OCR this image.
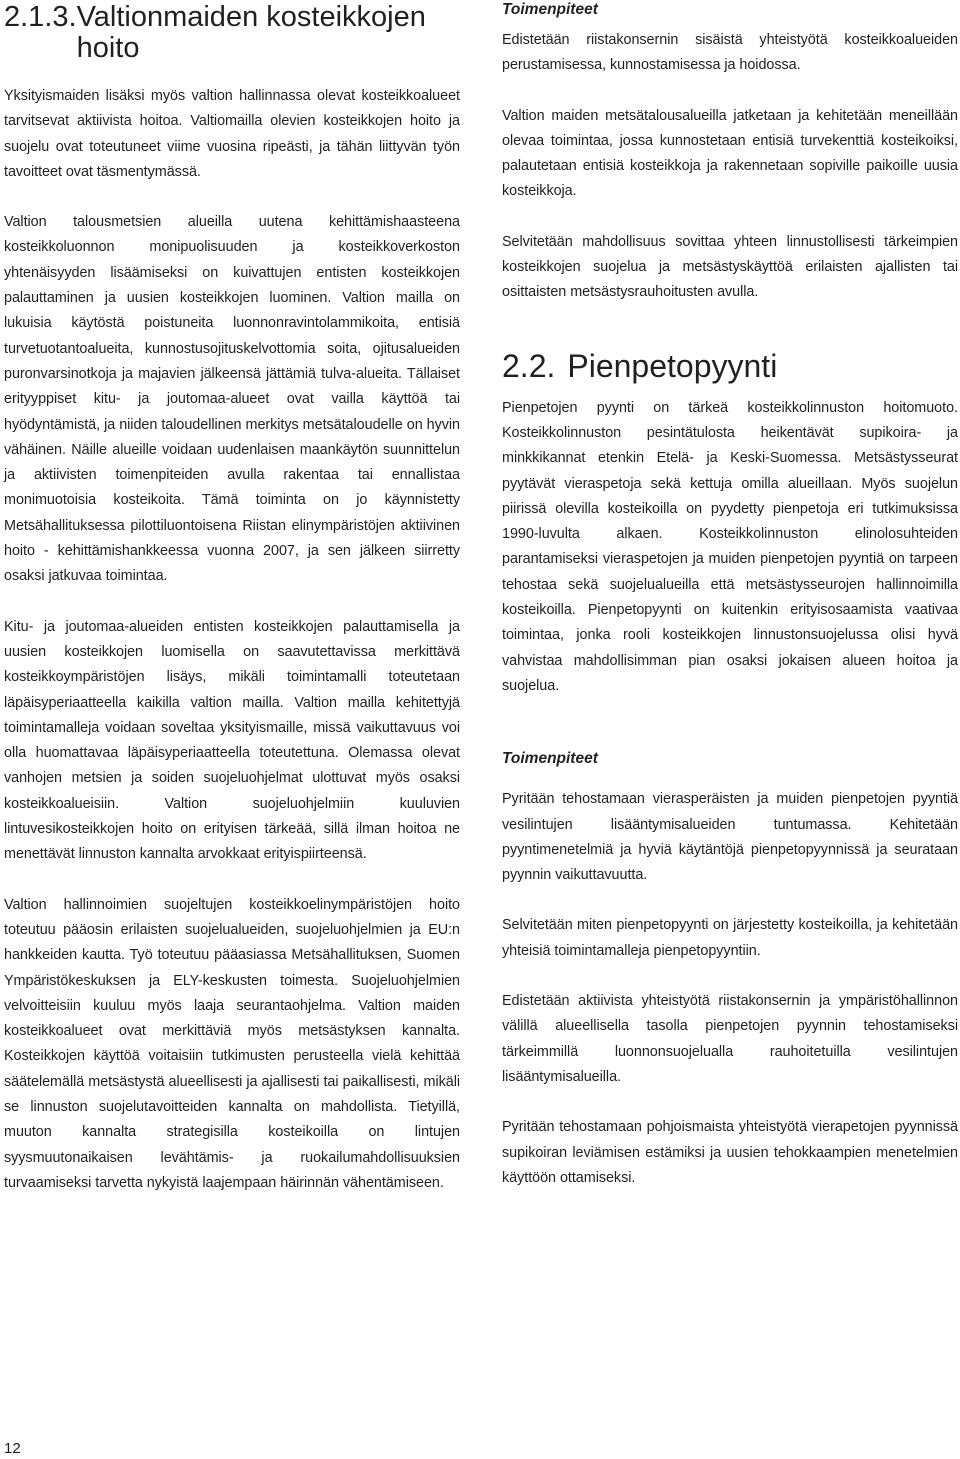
2.1.3. Valtionmaiden kosteikkojen hoito

Yksityismaiden lisäksi myös valtion hallinnassa olevat kosteikkoalueet tarvitsevat aktiivista hoitoa. Valtiomailla olevien kosteikkojen hoito ja suojelu ovat toteutuneet viime vuosina ripeästi, ja tähän liittyvän työn tavoitteet ovat täsmentymässä.

Valtion talousmetsien alueilla uutena kehittämishaasteena kosteikkoluonnon monipuolisuuden ja kosteikkoverkoston yhtenäisyyden lisäämiseksi on kuivattujen entisten kosteikkojen palauttaminen ja uusien kosteikkojen luominen. Valtion mailla on lukuisia käytöstä poistuneita luonnonravintolammikoita, entisiä turvetuotantoalueita, kunnostusojituskelvottomia soita, ojitusalueiden puronvarsinotkoja ja majavien jälkeensä jättämiä tulva-alueita. Tällaiset erityyppiset kitu- ja joutomaa-alueet ovat vailla käyttöä tai hyödyntämistä, ja niiden taloudellinen merkitys metsätaloudelle on hyvin vähäinen. Näille alueille voidaan uudenlaisen maankäytön suunnittelun ja aktiivisten toimenpiteiden avulla rakentaa tai ennallistaa monimuotoisia kosteikoita. Tämä toiminta on jo käynnistetty Metsähallituksessa pilottiluontoisena Riistan elinympäristöjen aktiivinen hoito - kehittämishankkeessa vuonna 2007, ja sen jälkeen siirretty osaksi jatkuvaa toimintaa.

Kitu- ja joutomaa-alueiden entisten kosteikkojen palauttamisella ja uusien kosteikkojen luomisella on saavutettavissa merkittävä kosteikkoympäristöjen lisäys, mikäli toimintamalli toteutetaan läpäisyperiaatteella kaikilla valtion mailla. Valtion mailla kehitettyjä toimintamalleja voidaan soveltaa yksityismaille, missä vaikuttavuus voi olla huomattavaa läpäisyperiaatteella toteutettuna. Olemassa olevat vanhojen metsien ja soiden suojeluohjelmat ulottuvat myös osaksi kosteikkoalueisiin. Valtion suojeluohjelmiin kuuluvien lintuvesikosteikkojen hoito on erityisen tärkeää, sillä ilman hoitoa ne menettävät linnuston kannalta arvokkaat erityispiirteensä.

Valtion hallinnoimien suojeltujen kosteikkoelinympäristöjen hoito toteutuu pääosin erilaisten suojelualueiden, suojeluohjelmien ja EU:n hankkeiden kautta. Työ toteutuu pääasiassa Metsähallituksen, Suomen Ympäristökeskuksen ja ELY-keskusten toimesta. Suojeluohjelmien velvoitteisiin kuuluu myös laaja seurantaohjelma. Valtion maiden kosteikkoalueet ovat merkittäviä myös metsästyksen kannalta. Kosteikkojen käyttöä voitaisiin tutkimusten perusteella vielä kehittää säätelemällä metsästystä alueellisesti ja ajallisesti tai paikallisesti, mikäli se linnuston suojelutavoitteiden kannalta on mahdollista. Tietyillä, muuton kannalta strategisilla kosteikoilla on lintujen syysmuutonaikaisen levähtämis- ja ruokailumahdollisuuksien turvaamiseksi tarvetta nykyistä laajempaan häirinnän vähentämiseen.

Toimenpiteet

Edistetään riistakonsernin sisäistä yhteistyötä kosteikkoalueiden perustamisessa, kunnostamisessa ja hoidossa.

Valtion maiden metsätalousalueilla jatketaan ja kehitetään meneillään olevaa toimintaa, jossa kunnostetaan entisiä turvekenttiä kosteikoiksi, palautetaan entisiä kosteikkoja ja rakennetaan sopiville paikoille uusia kosteikkoja.

Selvitetään mahdollisuus sovittaa yhteen linnustollisesti tärkeimpien kosteikkojen suojelua ja metsästyskäyttöä erilaisten ajallisten tai osittaisten metsästysrauhoitusten avulla.

2.2. Pienpetopyynti

Pienpetojen pyynti on tärkeä kosteikkolinnuston hoitomuoto. Kosteikkolinnuston pesintätulosta heikentävät supikoira- ja minkkikannat etenkin Etelä- ja Keski-Suomessa. Metsästysseurat pyytävät vieraspetoja sekä kettuja omilla alueillaan. Myös suojelun piirissä olevilla kosteikoilla on pyydetty pienpetoja eri tutkimuksissa 1990-luvulta alkaen. Kosteikkolinnuston elinolosuhteiden parantamiseksi vieraspetojen ja muiden pienpetojen pyyntiä on tarpeen tehostaa sekä suojelualueilla että metsästysseurojen hallinnoimilla kosteikoilla. Pienpetopyynti on kuitenkin erityisosaamista vaativaa toimintaa, jonka rooli kosteikkojen linnustonsuojelussa olisi hyvä vahvistaa mahdollisimman pian osaksi jokaisen alueen hoitoa ja suojelua.

Toimenpiteet

Pyritään tehostamaan vierasperäisten ja muiden pienpetojen pyyntiä vesilintujen lisääntymisalueiden tuntumassa. Kehitetään pyyntimenetelmiä ja hyviä käytäntöjä pienpetopyynnissä ja seurataan pyynnin vaikuttavuutta.

Selvitetään miten pienpetopyynti on järjestetty kosteikoilla, ja kehitetään yhteisiä toimintamalleja pienpetopyyntiin.

Edistetään aktiivista yhteistyötä riistakonsernin ja ympäristöhallinnon välillä alueellisella tasolla pienpetojen pyynnin tehostamiseksi tärkeimmillä luonnonsuojelualla rauhoitetuilla vesilintujen lisääntymisalueilla.

Pyritään tehostamaan pohjoismaista yhteistyötä vierapetojen pyynnissä supikoiran leviämisen estämiksi ja uusien tehokkaampien menetelmien käyttöön ottamiseksi.

12
